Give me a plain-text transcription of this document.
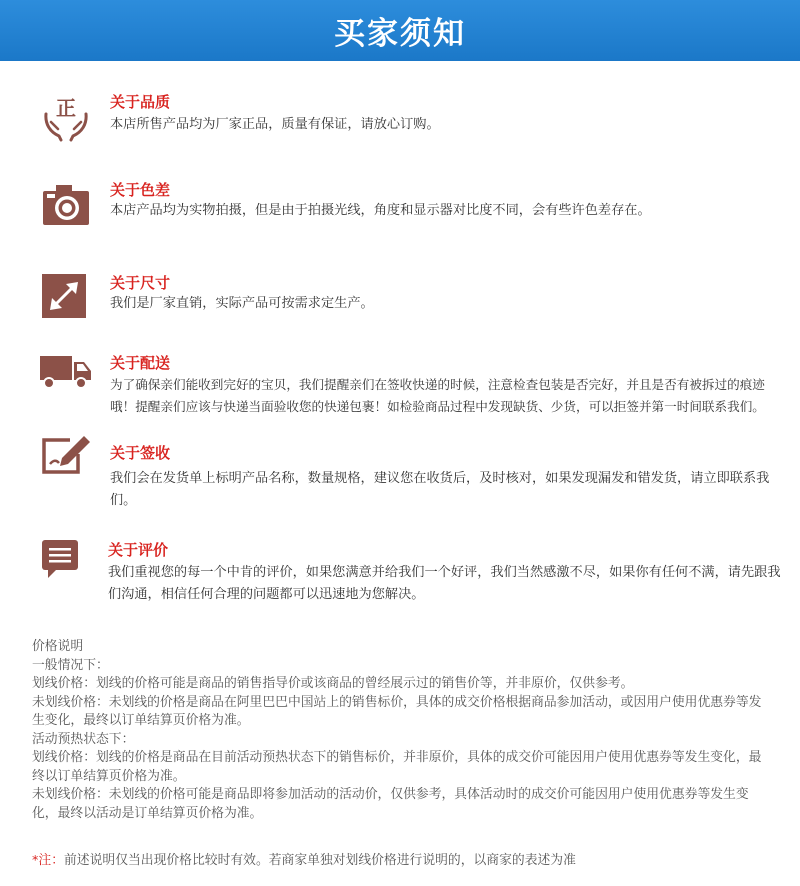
买家须知
正 关于品质
本店所售产品均为厂家正品，质量有保证，请放心订购。
关于色差
本店产品均为实物拍摄，但是由于拍摄光线，角度和显示器对比度不同，会有些许色差存在。
关于尺寸
我们是厂家直销，实际产品可按需求定生产。
关于配送
为了确保亲们能收到完好的宝贝，我们提醒亲们在签收快递的时候，注意检查包装是否完好，并且是否有被拆过的痕迹哦！提醒亲们应该与快递当面验收您的快递包裹！如检验商品过程中发现缺货、少货，可以拒签并第一时间联系我们。
关于签收
我们会在发货单上标明产品名称，数量规格，建议您在收货后，及时核对，如果发现漏发和错发货，请立即联系我们。
关于评价
我们重视您的每一个中肯的评价，如果您满意并给我们一个好评，我们当然感激不尽，如果你有任何不满，请先跟我们沟通，相信任何合理的问题都可以迅速地为您解决。

价格说明

一般情况下：

划线价格：划线的价格可能是商品的销售指导价或该商品的曾经展示过的销售价等，并非原价，仅供参考。

未划线价格：未划线的价格是商品在阿里巴巴中国站上的销售标价，具体的成交价格根据商品参加活动，或因用户使用优惠券等发生变化，最终以订单结算页价格为准。

活动预热状态下：

划线价格：划线的价格是商品在目前活动预热状态下的销售标价，并非原价，具体的成交价可能因用户使用优惠券等发生变化，最终以订单结算页价格为准。

未划线价格：未划线的价格可能是商品即将参加活动的活动价，仅供参考，具体活动时的成交价可能因用户使用优惠券等发生变化，最终以活动是订单结算页价格为准。

*注：前述说明仅当出现价格比较时有效。若商家单独对划线价格进行说明的，以商家的表述为准
